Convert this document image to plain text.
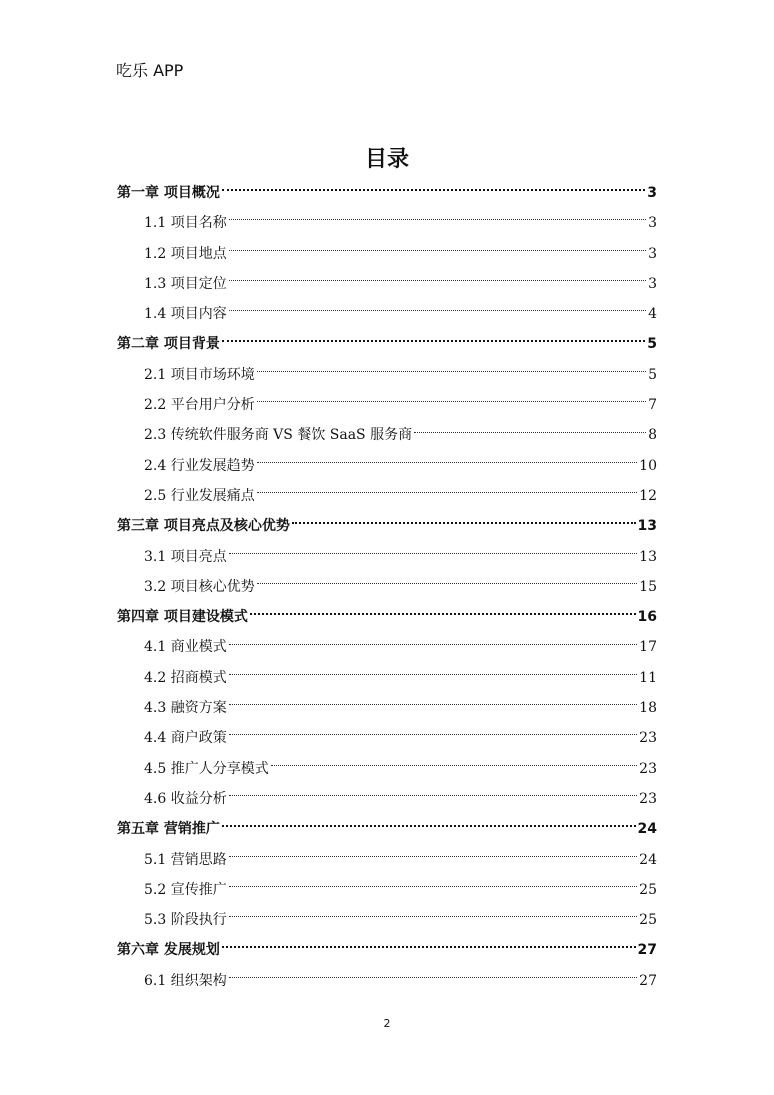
吃乐 APP
目录
第一章 项目概况	3
1.1 项目名称	3
1.2 项目地点	3
1.3 项目定位	3
1.4 项目内容	4
第二章 项目背景	5
2.1 项目市场环境	5
2.2 平台用户分析	7
2.3 传统软件服务商 VS 餐饮 SaaS 服务商	8
2.4 行业发展趋势	10
2.5 行业发展痛点	12
第三章 项目亮点及核心优势	13
3.1 项目亮点	13
3.2 项目核心优势	15
第四章 项目建设模式	16
4.1 商业模式	17
4.2 招商模式	11
4.3 融资方案	18
4.4 商户政策	23
4.5 推广人分享模式	23
4.6 收益分析	23
第五章 营销推广	24
5.1 营销思路	24
5.2 宣传推广	25
5.3 阶段执行	25
第六章 发展规划	27
6.1 组织架构	27
2
